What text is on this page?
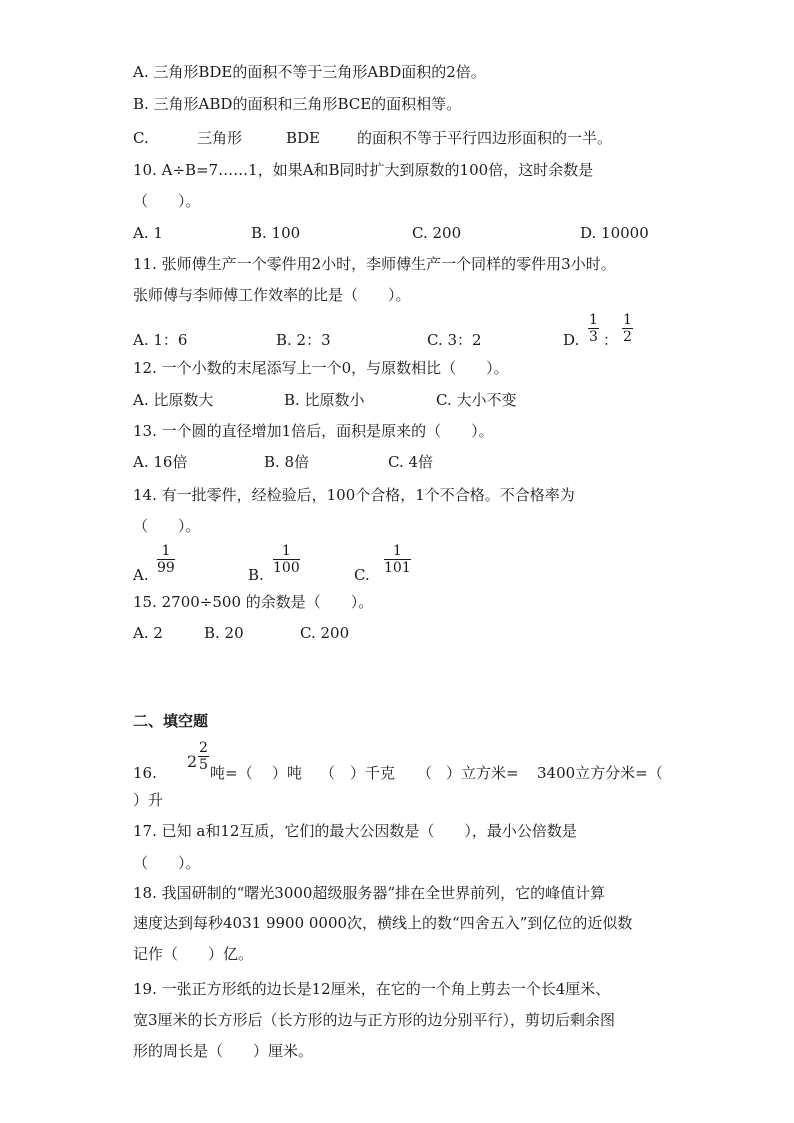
A. 三角形BDE的面积不等于三角形ABD面积的2倍。
B. 三角形ABD的面积和三角形BCE的面积相等。
C.	三角形	BDE 的面积不等于平行四边形面积的一半。
10. A÷B=7……1，如果A和B同时扩大到原数的100倍，这时余数是
（　　）。
A. 1	B. 100	C. 200	D. 10000
11. 张师傅生产一个零件用2小时，李师傅生产一个同样的零件用3小时。
张师傅与李师傅工作效率的比是（　　）。
A. 1：6	B. 2：3	C. 3：2	D. $\frac{1}{3}$ ： $\frac{1}{2}$
12. 一个小数的末尾添写上一个0，与原数相比（　　）。
A. 比原数大	B. 比原数小	C. 大小不变
13. 一个圆的直径增加1倍后，面积是原来的（　　）。
A. 16倍	B. 8倍	C. 4倍
14. 有一批零件，经检验后，100个合格，1个不合格。不合格率为
（　　）。
A. $\frac{1}{99}$	B. $\frac{1}{100}$	C. $\frac{1}{101}$
15. 2700÷500 的余数是（　　）。
A. 2	B. 20	C. 200
二、填空题
16.
$2 \frac{2}{5}$ 吨=（ ）吨 （　）千克 （ ）立方米= 3400立方分米=（
）升
17. 已知 a和12互质，它们的最大公因数是（　　），最小公倍数是
（　　）。
18. 我国研制的“曙光3000超级服务器”排在全世界前列，它的峰值计算
速度达到每秒4031 9900 0000次，横线上的数“四舍五入”到亿位的近似数
记作（　　）亿。
19. 一张正方形纸的边长是12厘米，在它的一个角上剪去一个长4厘米、
宽3厘米的长方形后（长方形的边与正方形的边分别平行），剪切后剩余图
形的周长是（　　）厘米。
